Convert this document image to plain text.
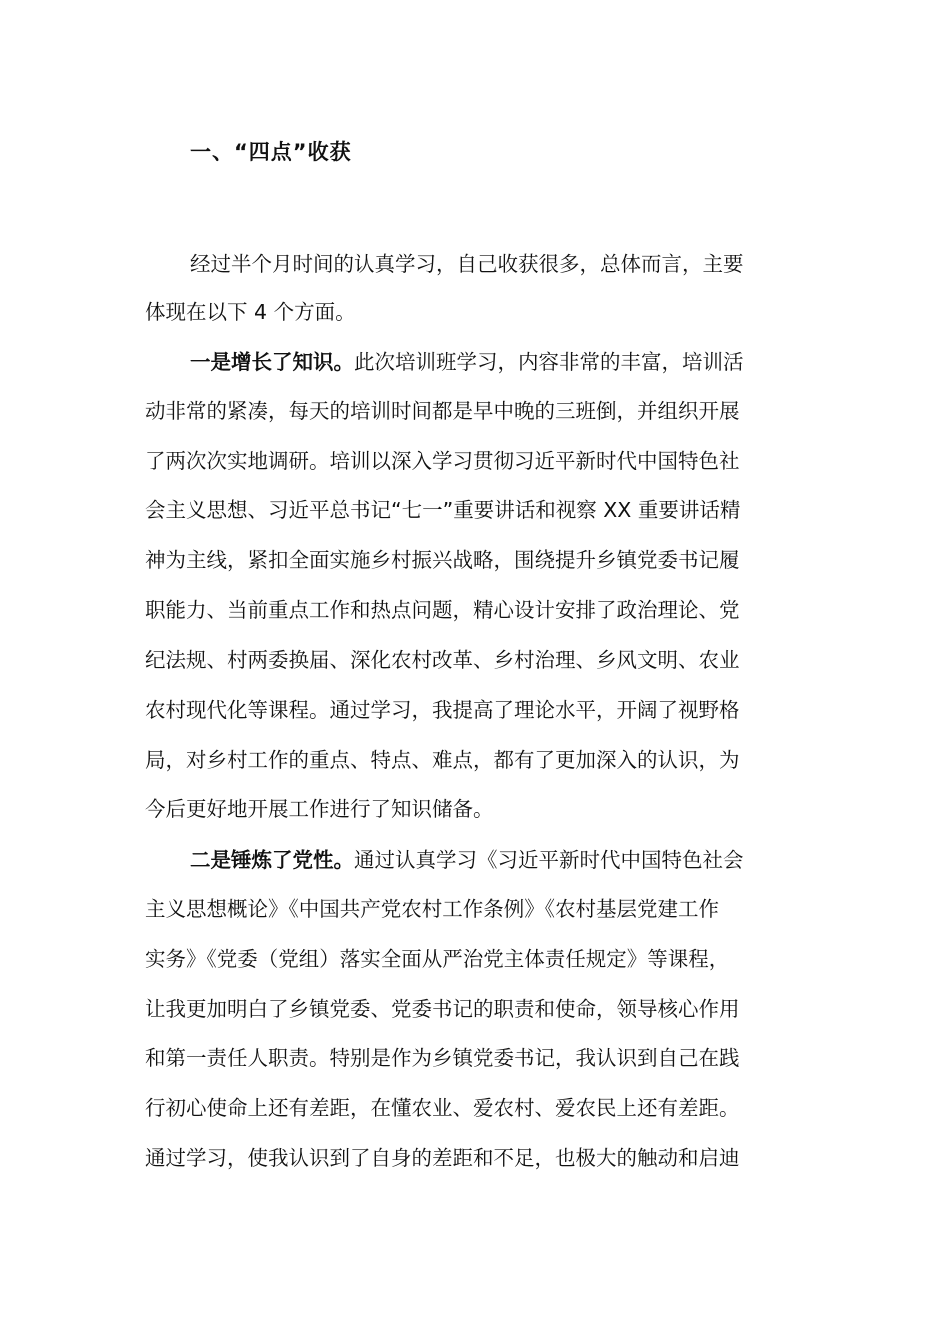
一、“四点”收获
经过半个月时间的认真学习，自己收获很多，总体而言，主要
体现在以下 4 个方面。
一是增长了知识。此次培训班学习，内容非常的丰富，培训活
动非常的紧凑，每天的培训时间都是早中晚的三班倒，并组织开展
了两次次实地调研。培训以深入学习贯彻习近平新时代中国特色社
会主义思想、习近平总书记“七一”重要讲话和视察 XX 重要讲话精
神为主线，紧扣全面实施乡村振兴战略，围绕提升乡镇党委书记履
职能力、当前重点工作和热点问题，精心设计安排了政治理论、党
纪法规、村两委换届、深化农村改革、乡村治理、乡风文明、农业
农村现代化等课程。通过学习，我提高了理论水平，开阔了视野格
局，对乡村工作的重点、特点、难点，都有了更加深入的认识，为
今后更好地开展工作进行了知识储备。
二是锤炼了党性。通过认真学习《习近平新时代中国特色社会
主义思想概论》《中国共产党农村工作条例》《农村基层党建工作
实务》《党委（党组）落实全面从严治党主体责任规定》等课程，
让我更加明白了乡镇党委、党委书记的职责和使命，领导核心作用
和第一责任人职责。特别是作为乡镇党委书记，我认识到自己在践
行初心使命上还有差距，在懂农业、爱农村、爱农民上还有差距。
通过学习，使我认识到了自身的差距和不足，也极大的触动和启迪
